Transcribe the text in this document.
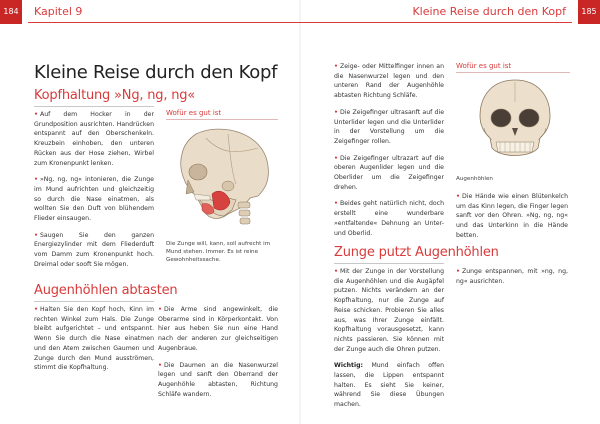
184	Kapitel 9	Kleine Reise durch den Kopf	185
Kleine Reise durch den Kopf
Kopfhaltung »Ng, ng, ng«

• Auf dem Hocker in der Grundposition ausrichten. Handrücken entspannt auf den Oberschenkeln. Kreuzbein einhoben, den unteren Rücken aus der Hose ziehen, Wirbel zum Kronenpunkt lenken.

• »Ng, ng, ng« intonieren, die Zunge im Mund aufrichten und gleichzeitig so durch die Nase einatmen, als wollten Sie den Duft von blühendem Flieder einsaugen.

• Saugen Sie den ganzen Energiezylinder mit dem Fliederduft vom Damm zum Kronenpunkt hoch. Dreimal oder sooft Sie mögen.

Wofür es gut ist
Die Zunge will, kann, soll aufrecht im Mund stehen. Immer. Es ist reine Gewohnheitssache.
Augenhöhlen abtasten

• Halten Sie den Kopf hoch, Kinn im rechten Winkel zum Hals. Die Zunge bleibt aufgerichtet – und entspannt. Wenn Sie durch die Nase einatmen und den Atem zwischen Gaumen und Zunge durch den Mund ausströmen, stimmt die Kopfhaltung.

• Die Arme sind angewinkelt, die Oberarme sind in Körperkontakt. Von hier aus heben Sie nun eine Hand nach der anderen zur gleichseitigen Augenbraue.

• Die Daumen an die Nasenwurzel legen und sanft den Oberrand der Augenhöhle abtasten, Richtung Schläfe wandern.

• Zeige- oder Mittelfinger innen an die Nasenwurzel legen und den unteren Rand der Augenhöhle abtasten Richtung Schläfe.

• Die Zeigefinger ultrasanft auf die Unterlider legen und die Unterlider in der Vorstellung um die Zeigefinger rollen.

• Die Zeigefinger ultrazart auf die oberen Augenlider legen und die Oberlider um die Zeigefinger drehen.

• Beides geht natürlich nicht, doch erstellt eine wunderbare »entfaltende« Dehnung an Unter- und Oberlid.

Wofür es gut ist
Augenhöhlen

• Die Hände wie einen Blütenkelch um das Kinn legen, die Finger legen sanft vor den Ohren. »Ng, ng, ng« und das Unterkinn in die Hände betten.

Zunge putzt Augenhöhlen

• Mit der Zunge in der Vorstellung die Augenhöhlen und die Augäpfel putzen. Nichts verändern an der Kopfhaltung, nur die Zunge auf Reise schicken. Probieren Sie alles aus, was Ihrer Zunge einfällt. Kopfhaltung vorausgesetzt, kann nichts passieren. Sie können mit der Zunge auch die Ohren putzen.

Wichtig: Mund einfach offen lassen, die Lippen entspannt halten. Es sieht Sie keiner, während Sie diese Übungen machen.

• Zunge entspannen, mit »ng, ng, ng« ausrichten.
